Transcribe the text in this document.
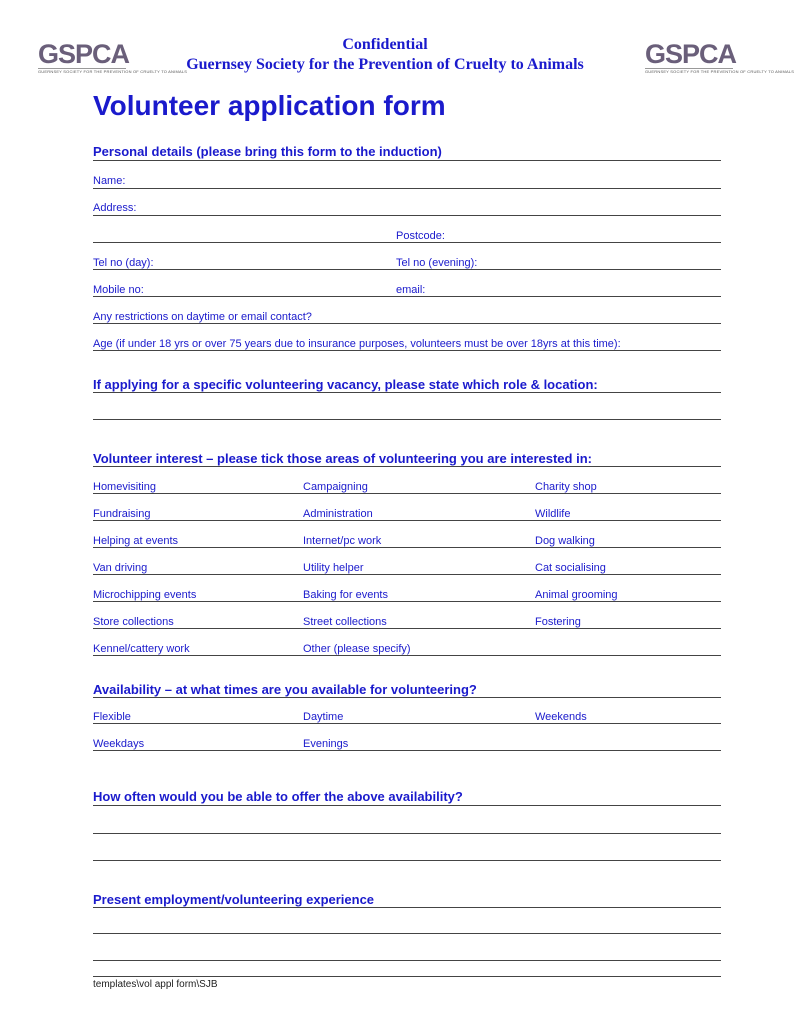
GSPCA
GUERNSEY SOCIETY FOR THE PREVENTION OF CRUELTY TO ANIMALS
GSPCA
GUERNSEY SOCIETY FOR THE PREVENTION OF CRUELTY TO ANIMALS
Confidential
Guernsey Society for the Prevention of Cruelty to Animals
Volunteer application form
Personal details (please bring this form to the induction)
Name:
Address:
Postcode:
Tel no (day):	Tel no (evening):
Mobile no:	email:
Any restrictions on daytime or email contact?
Age (if under 18 yrs or over 75 years due to insurance purposes, volunteers must be over 18yrs at this time):
If applying for a specific volunteering vacancy, please state which role & location:
Volunteer interest – please tick those areas of volunteering you are interested in:
Homevisiting	Campaigning	Charity shop
Fundraising	Administration	Wildlife
Helping at events	Internet/pc work	Dog walking
Van driving	Utility helper	Cat socialising
Microchipping events	Baking for events	Animal grooming
Store collections	Street collections	Fostering
Kennel/cattery work	Other (please specify)
Availability – at what times are you available for volunteering?
Flexible	Daytime	Weekends
Weekdays	Evenings
How often would you be able to offer the above availability?
Present employment/volunteering experience
templates\vol appl form\SJB
